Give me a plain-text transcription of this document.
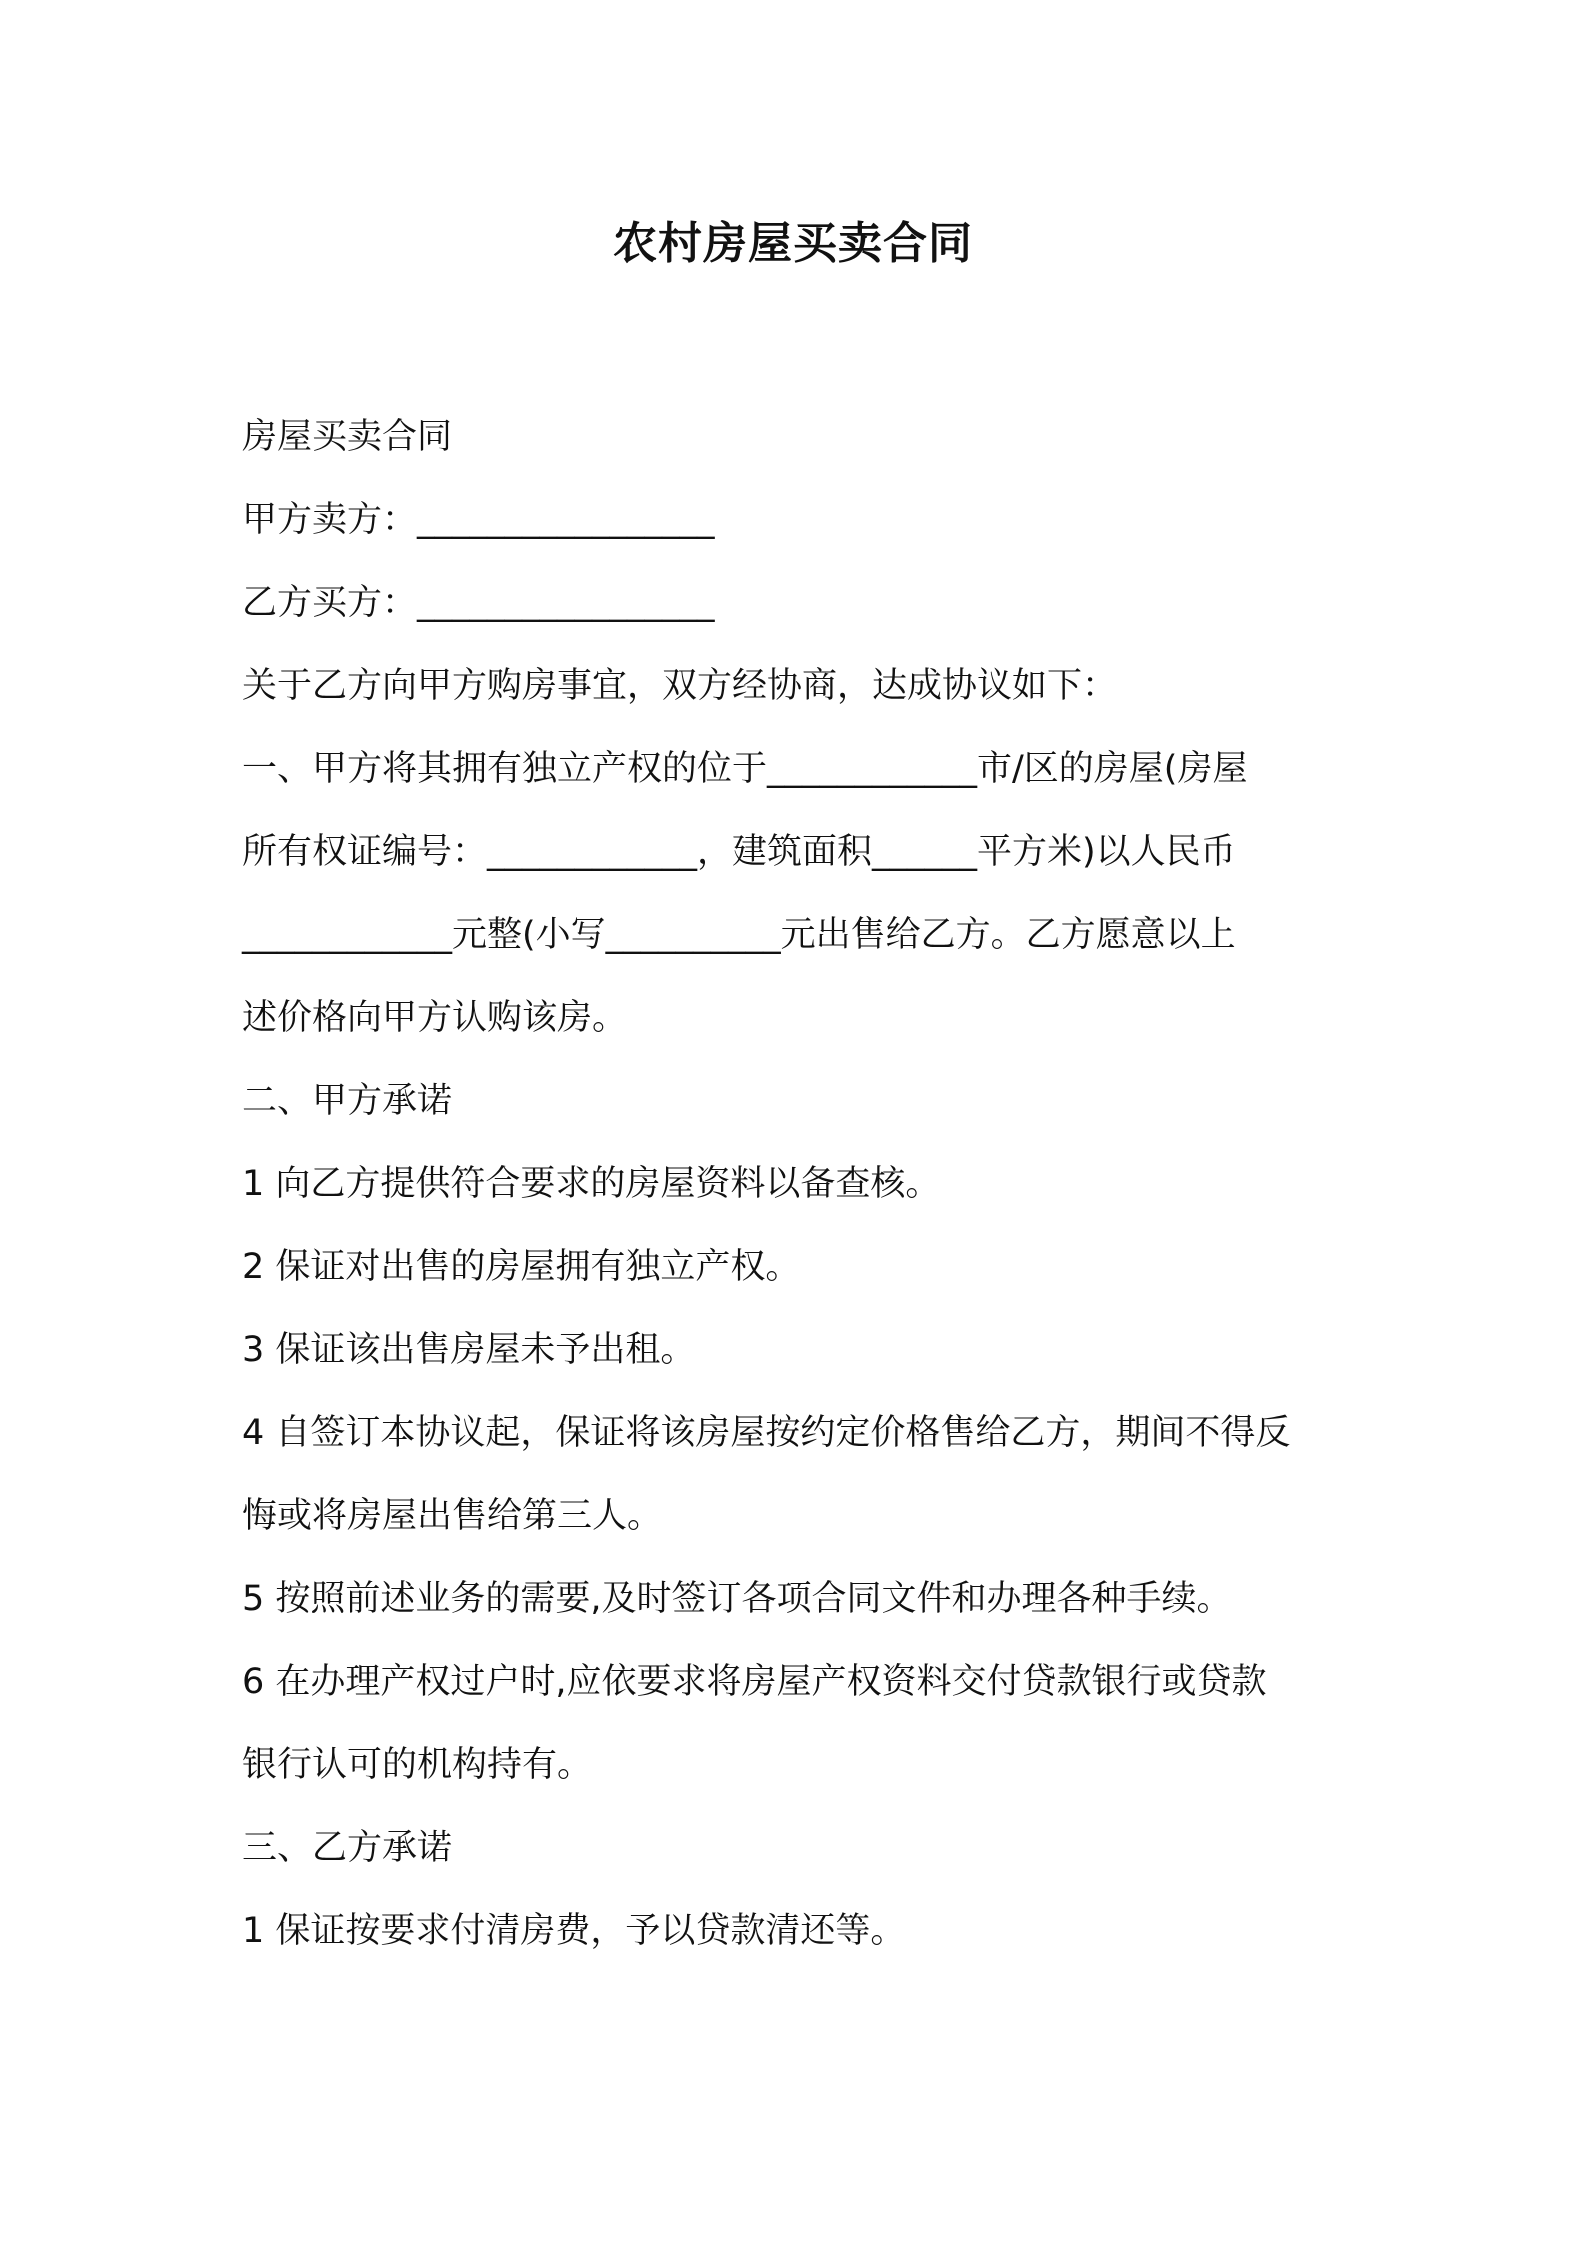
农村房屋买卖合同
房屋买卖合同
甲方卖方：_________________
乙方买方：_________________
关于乙方向甲方购房事宜，双方经协商，达成协议如下：
一、甲方将其拥有独立产权的位于____________市/区的房屋(房屋
所有权证编号：____________，建筑面积______平方米)以人民币
____________元整(小写__________元出售给乙方。乙方愿意以上
述价格向甲方认购该房。
二、甲方承诺
1 向乙方提供符合要求的房屋资料以备查核。
2 保证对出售的房屋拥有独立产权。
3 保证该出售房屋未予出租。
4 自签订本协议起，保证将该房屋按约定价格售给乙方，期间不得反
悔或将房屋出售给第三人。
5 按照前述业务的需要,及时签订各项合同文件和办理各种手续。
6 在办理产权过户时,应依要求将房屋产权资料交付贷款银行或贷款
银行认可的机构持有。
三、乙方承诺
1 保证按要求付清房费，予以贷款清还等。
